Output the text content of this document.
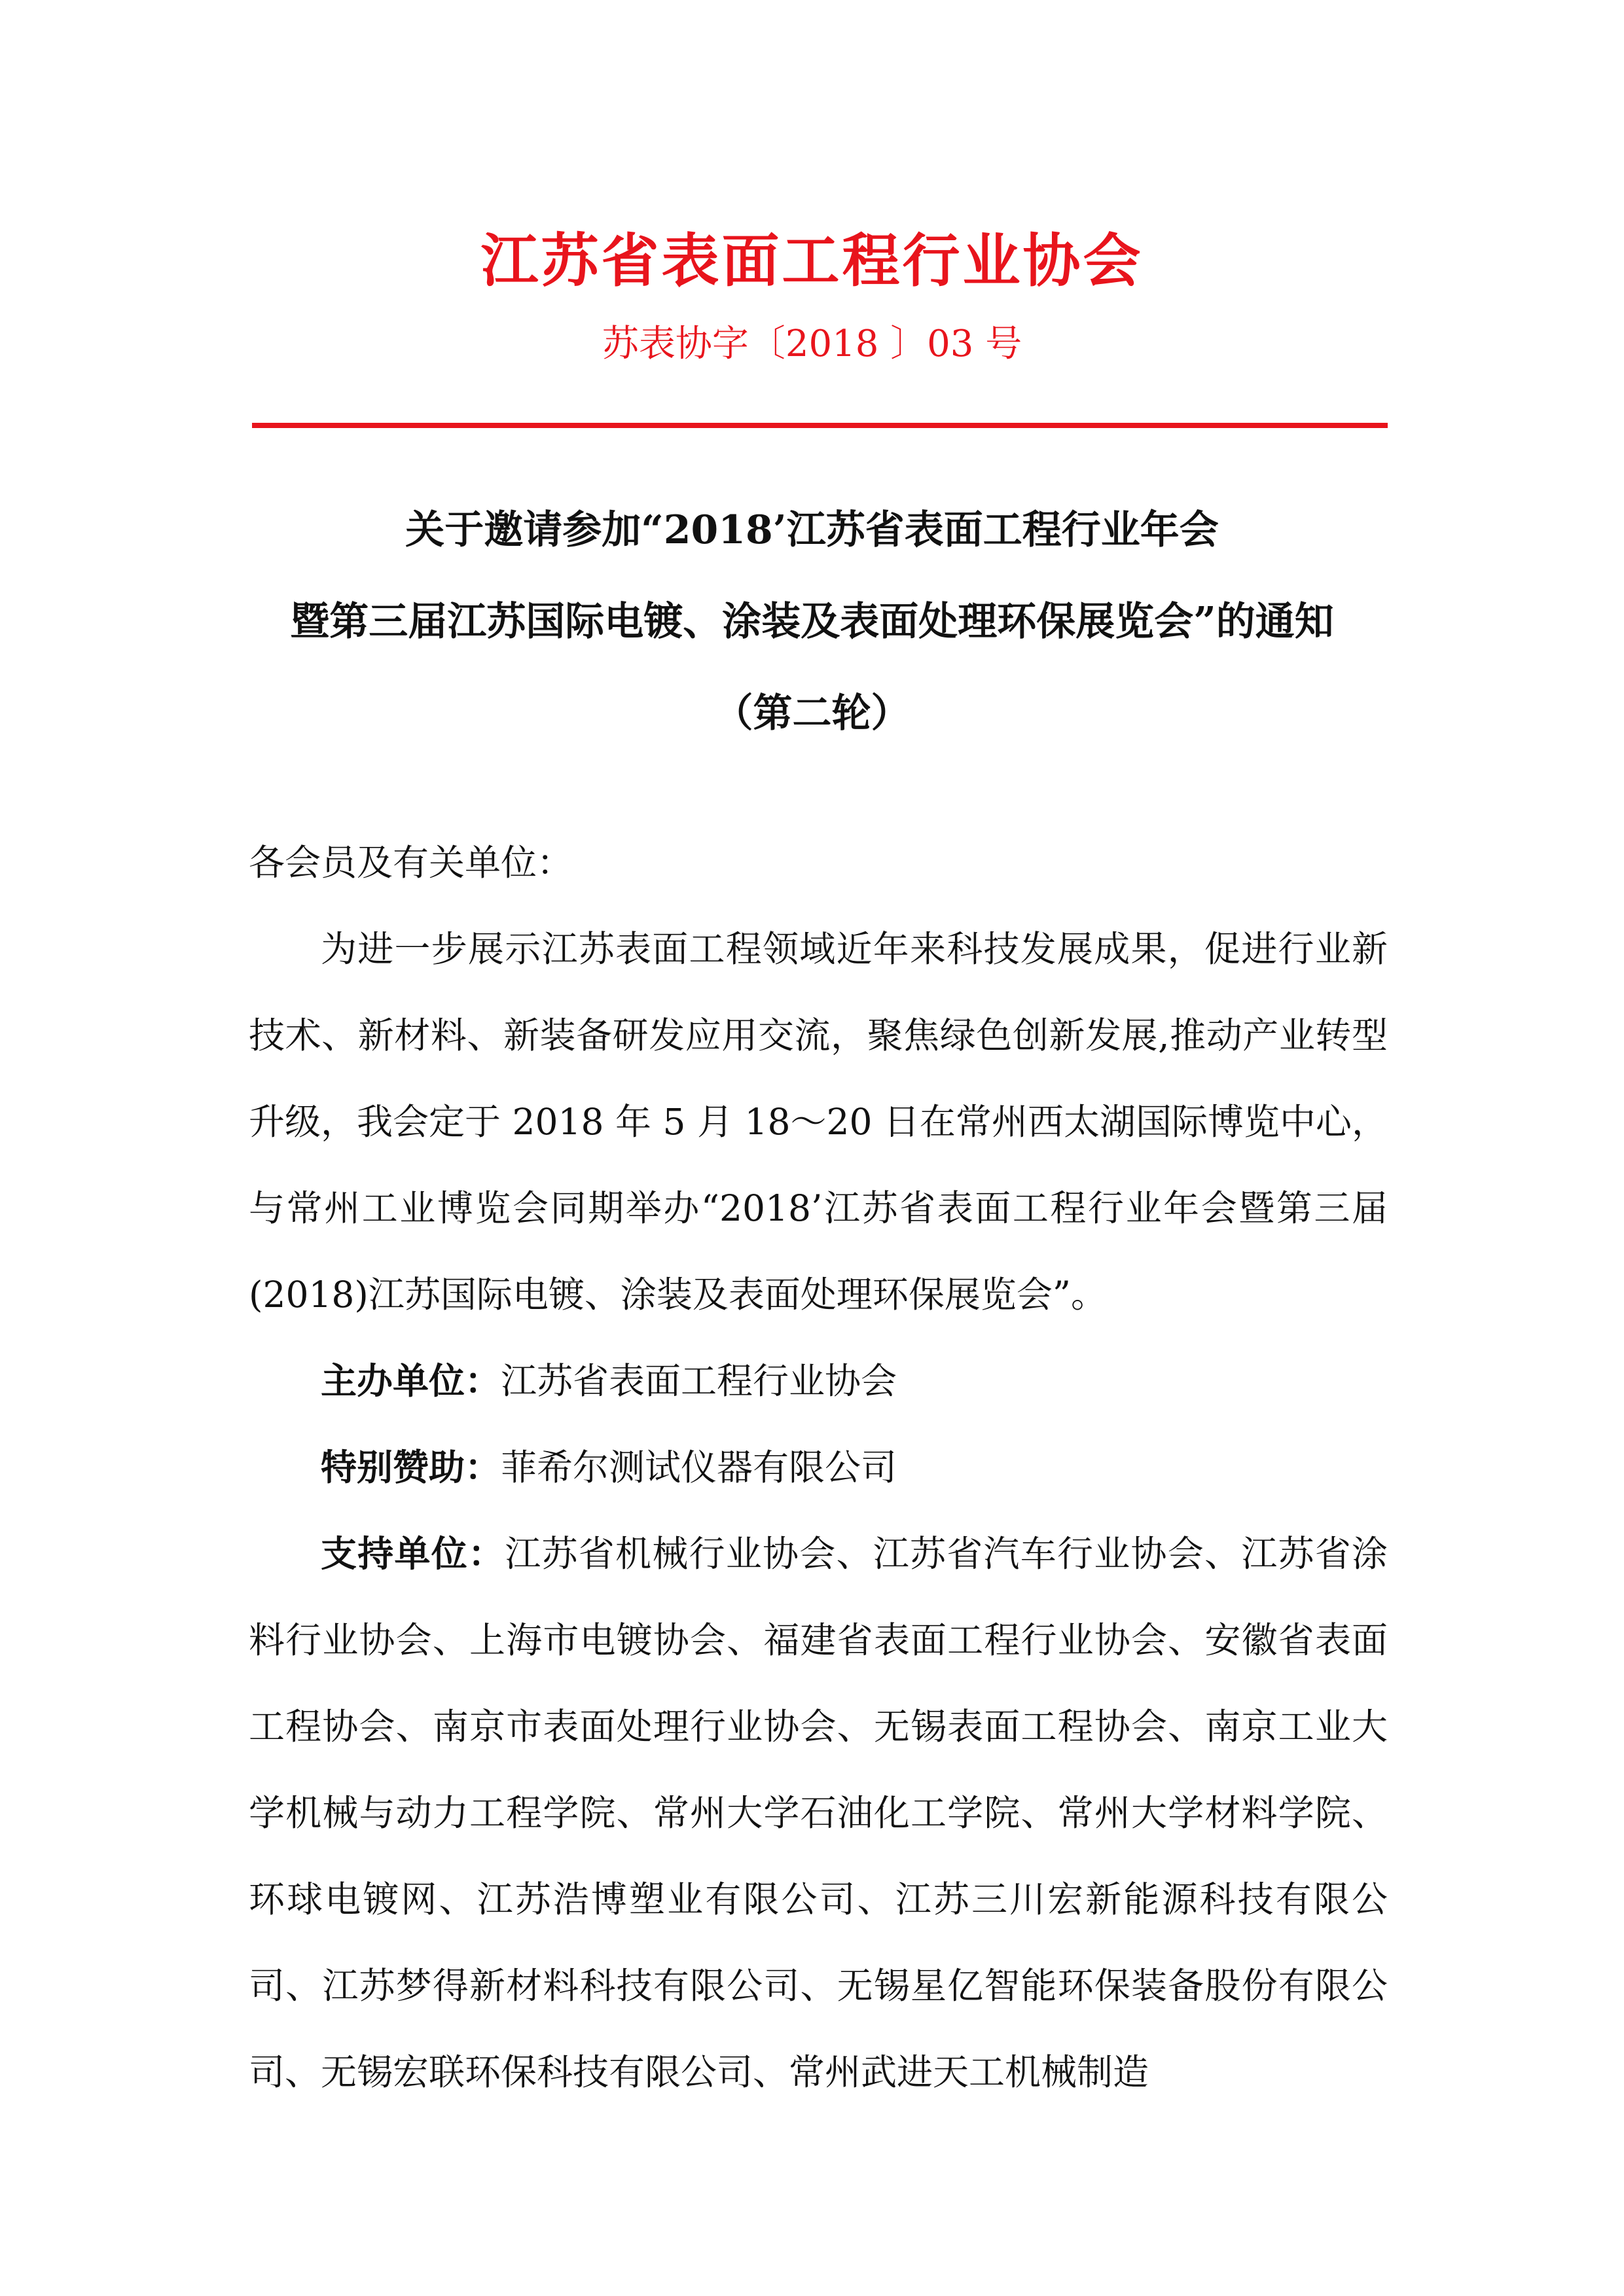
江苏省表面工程行业协会
苏表协字〔2018 〕03 号
关于邀请参加“2018’江苏省表面工程行业年会
暨第三届江苏国际电镀、涂装及表面处理环保展览会”的通知
（第二轮）

各会员及有关单位：

为进一步展示江苏表面工程领域近年来科技发展成果，促进行业新技术、新材料、新装备研发应用交流，聚焦绿色创新发展,推动产业转型升级，我会定于 2018 年 5 月 18～20 日在常州西太湖国际博览中心，与常州工业博览会同期举办“2018’江苏省表面工程行业年会暨第三届(2018)江苏国际电镀、涂装及表面处理环保展览会”。

主办单位：江苏省表面工程行业协会

特别赞助：菲希尔测试仪器有限公司

支持单位：江苏省机械行业协会、江苏省汽车行业协会、江苏省涂料行业协会、上海市电镀协会、福建省表面工程行业协会、安徽省表面工程协会、南京市表面处理行业协会、无锡表面工程协会、南京工业大学机械与动力工程学院、常州大学石油化工学院、常州大学材料学院、环球电镀网、江苏浩博塑业有限公司、江苏三川宏新能源科技有限公司、江苏梦得新材料科技有限公司、无锡星亿智能环保装备股份有限公司、无锡宏联环保科技有限公司、常州武进天工机械制造
